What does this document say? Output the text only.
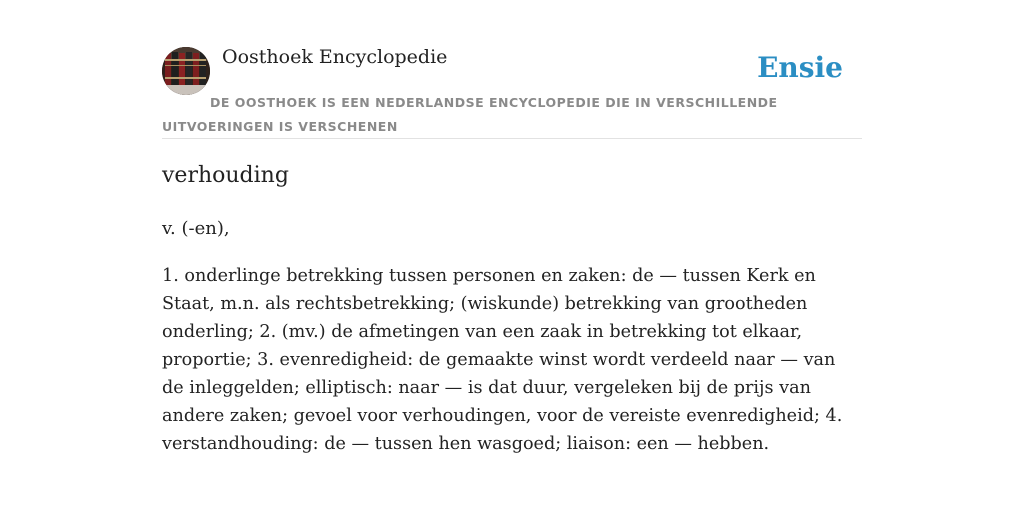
Oosthoek Encyclopedie	Ensie
DE OOSTHOEK IS EEN NEDERLANDSE ENCYCLOPEDIE DIE IN VERSCHILLENDE UITVOERINGEN IS VERSCHENEN
verhouding
v. (-en),
1. onderlinge betrekking tussen personen en zaken: de — tussen Kerk en Staat, m.n. als rechtsbetrekking; (wiskunde) betrekking van grootheden onderling; 2. (mv.) de afmetingen van een zaak in betrekking tot elkaar, proportie; 3. evenredigheid: de gemaakte winst wordt verdeeld naar — van de inleggelden; elliptisch: naar — is dat duur, vergeleken bij de prijs van andere zaken; gevoel voor verhoudingen, voor de vereiste evenredigheid; 4. verstandhouding: de — tussen hen wasgoed; liaison: een — hebben.
